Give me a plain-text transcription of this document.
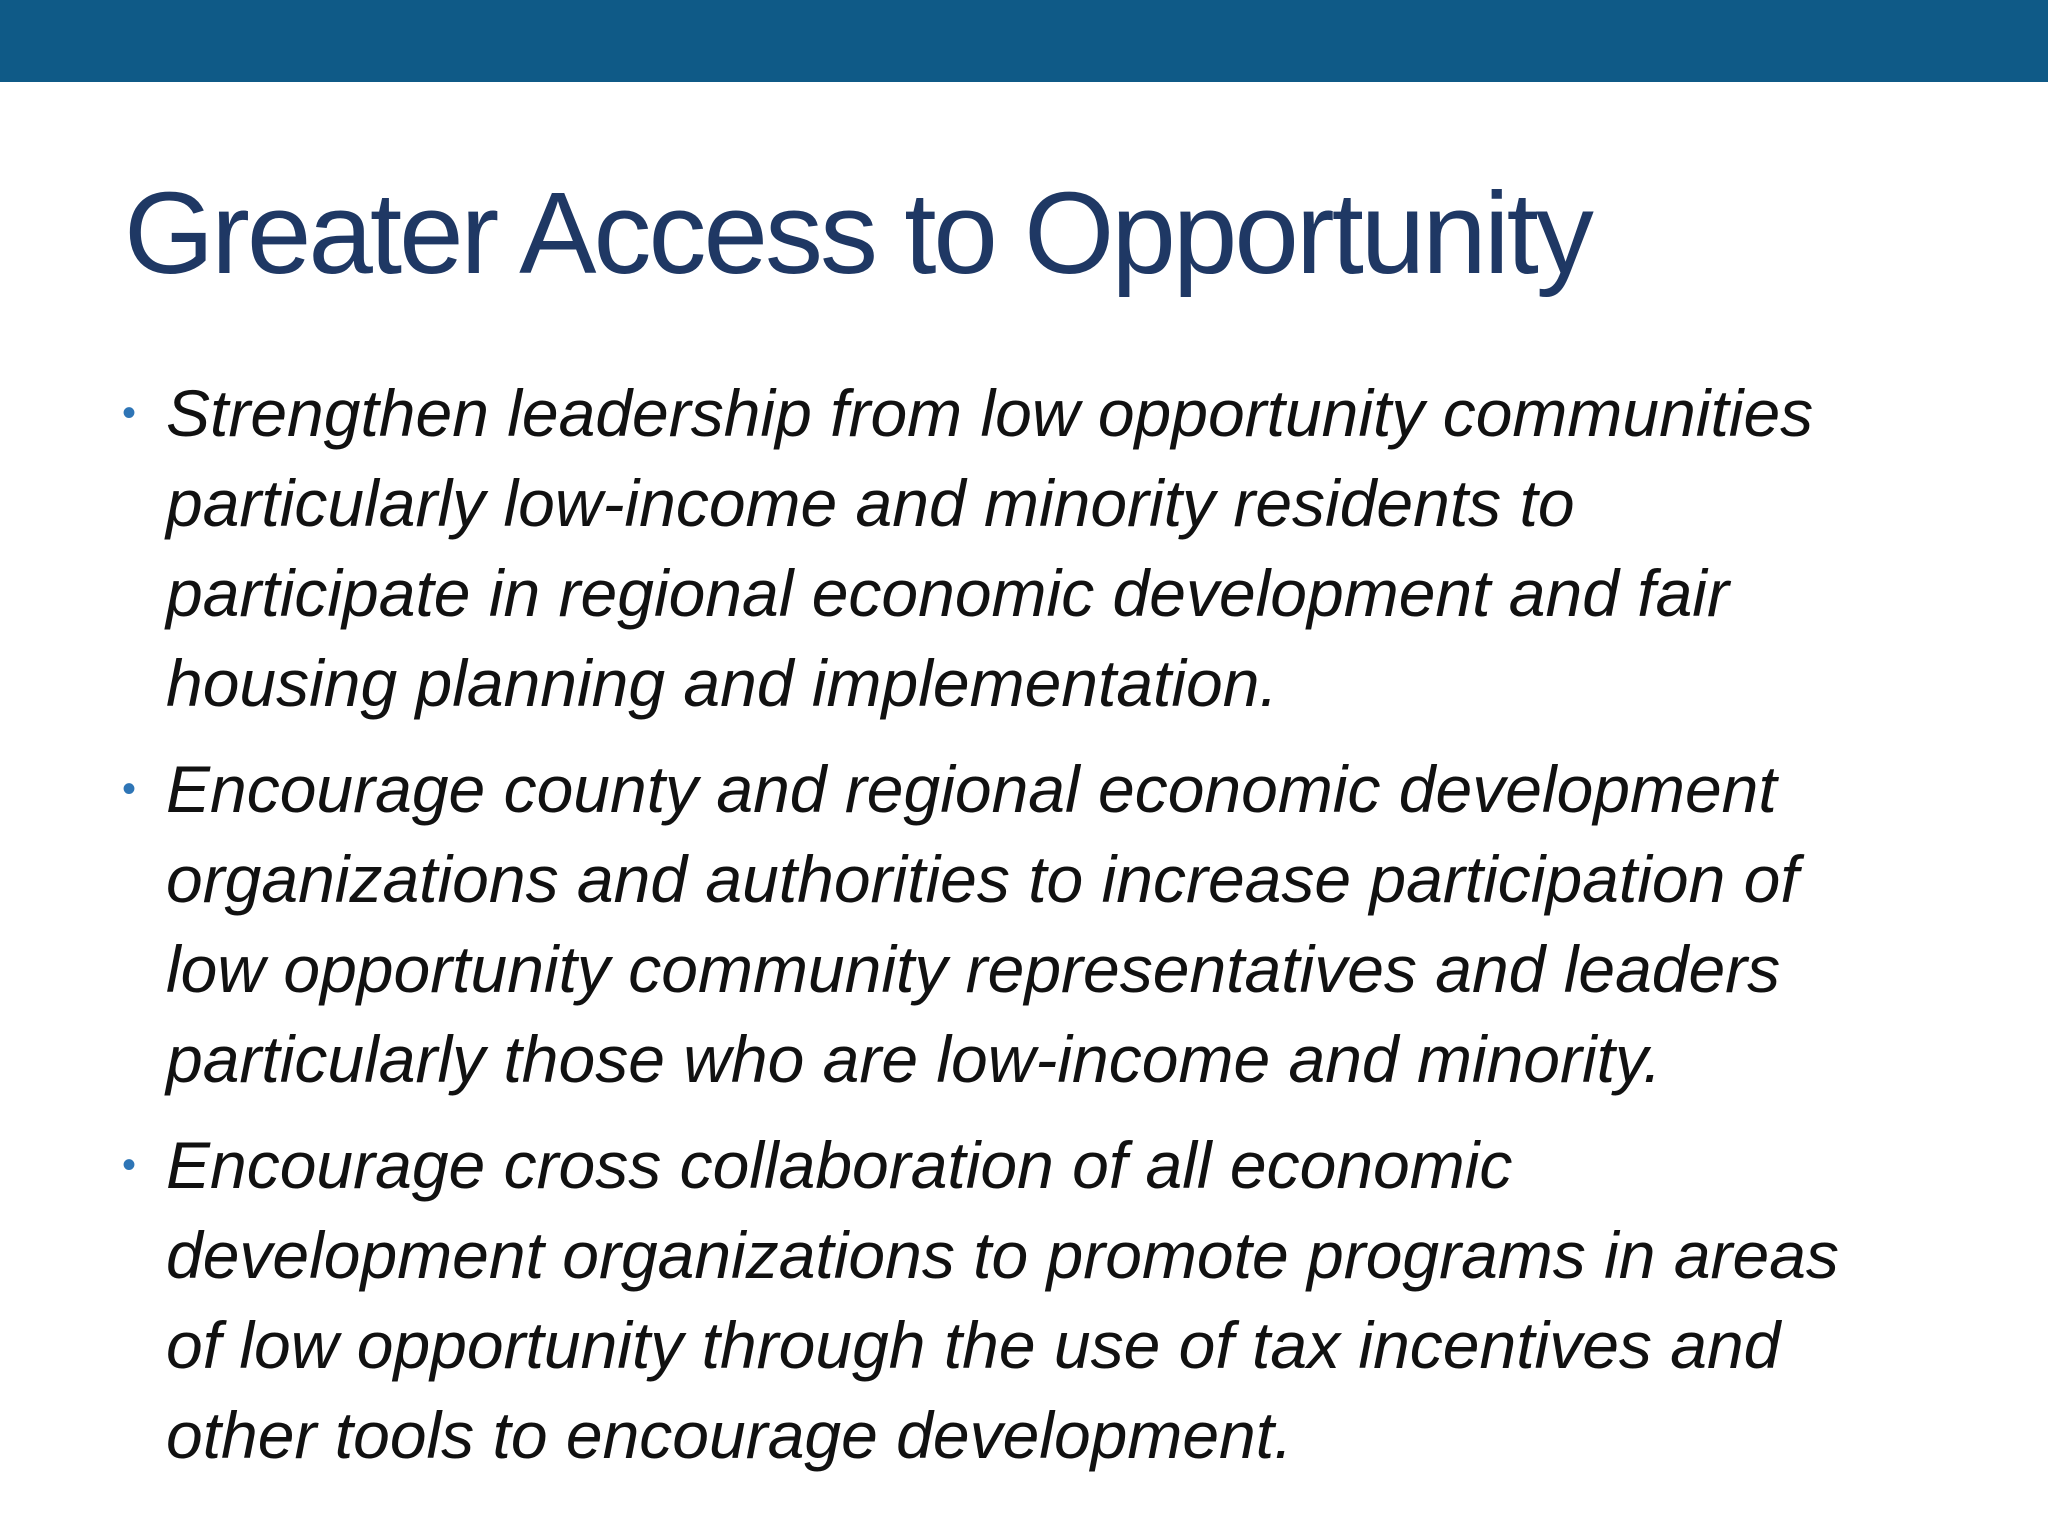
Greater Access to Opportunity
• Strengthen leadership from low opportunity communities
particularly low-income and minority residents to
participate in regional economic development and fair
housing planning and implementation.
• Encourage county and regional economic development
organizations and authorities to increase participation of
low opportunity community representatives and leaders
particularly those who are low-income and minority.
• Encourage cross collaboration of all economic
development organizations to promote programs in areas
of low opportunity through the use of tax incentives and
other tools to encourage development.
